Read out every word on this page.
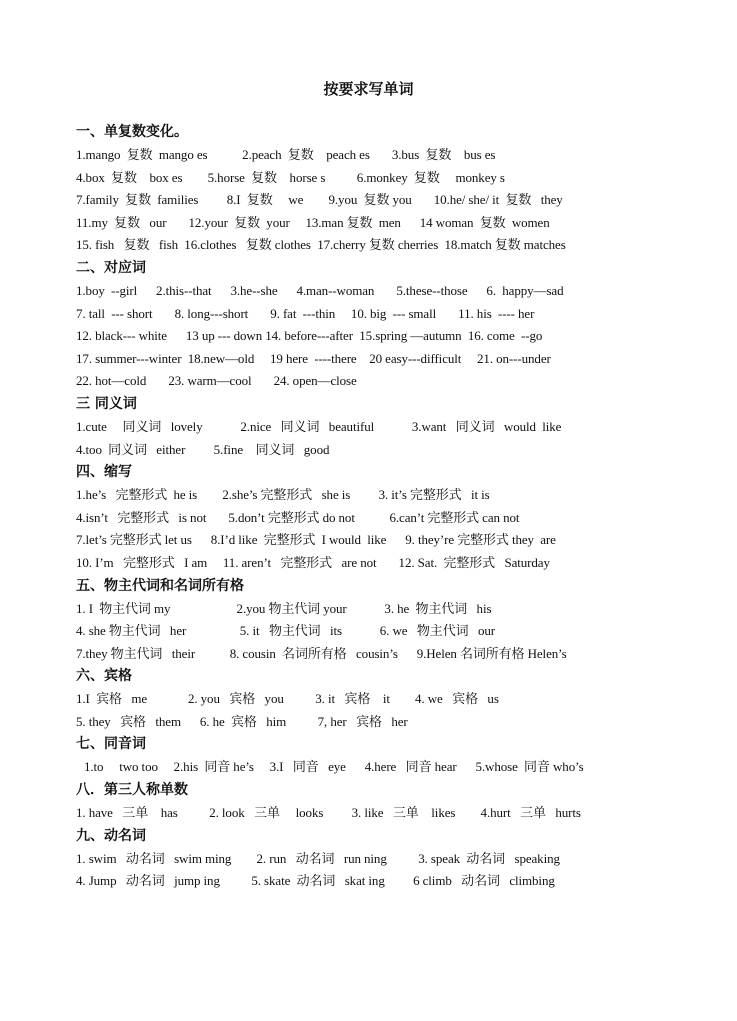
按要求写单词
一、单复数变化。
1.mango  复数  mango es           2.peach  复数    peach es       3.bus  复数    bus es
4.box  复数    box es        5.horse  复数    horse s          6.monkey  复数     monkey s
7.family  复数  families         8.I  复数     we        9.you  复数 you       10.he/ she/ it  复数   they
11.my  复数   our       12.your  复数  your     13.man 复数  men      14 woman  复数  women
15. fish   复数   fish  16.clothes   复数 clothes  17.cherry 复数 cherries  18.match 复数 matches
二、对应词
1.boy  --girl      2.this--that      3.he--she      4.man--woman       5.these--those      6.  happy—sad
7. tall  --- short       8. long---short       9. fat  ---thin     10. big  --- small       11. his  ---- her
12. black--- white      13 up --- down 14. before---after  15.spring —autumn  16. come  --go
17. summer---winter  18.new—old     19 here  ----there    20 easy---difficult     21. on---under
22. hot—cold       23. warm—cool       24. open—close
三 同义词
1.cute     同义词   lovely            2.nice   同义词   beautiful            3.want   同义词   would  like
4.too  同义词   either         5.fine    同义词   good
四、缩写
1.he’s   完整形式  he is        2.she’s 完整形式   she is         3. it’s 完整形式   it is
4.isn’t   完整形式   is not       5.don’t 完整形式 do not           6.can’t 完整形式 can not
7.let’s 完整形式 let us      8.I’d like  完整形式  I would  like      9. they’re 完整形式 they  are
10. I’m   完整形式   I am     11. aren’t   完整形式   are not       12. Sat.  完整形式   Saturday
五、物主代词和名词所有格
1. I  物主代词 my                     2.you 物主代词 your            3. he  物主代词   his
4. she 物主代词   her                 5. it   物主代词   its            6. we   物主代词   our
7.they 物主代词   their           8. cousin  名词所有格   cousin’s      9.Helen 名词所有格 Helen’s
六、宾格
1.I  宾格   me             2. you   宾格   you          3. it   宾格    it        4. we   宾格   us
5. they   宾格   them      6. he  宾格   him          7, her   宾格   her
七、同音词
1.to     two too     2.his  同音 he’s     3.I   同音   eye      4.here   同音 hear      5.whose  同音 who’s
八．第三人称单数
1. have   三单    has          2. look   三单     looks         3. like   三单    likes        4.hurt   三单   hurts
九、动名词
1. swim   动名词   swim ming        2. run   动名词   run ning          3. speak  动名词   speaking
4. Jump   动名词   jump ing          5. skate  动名词   skat ing         6 climb   动名词   climbing
